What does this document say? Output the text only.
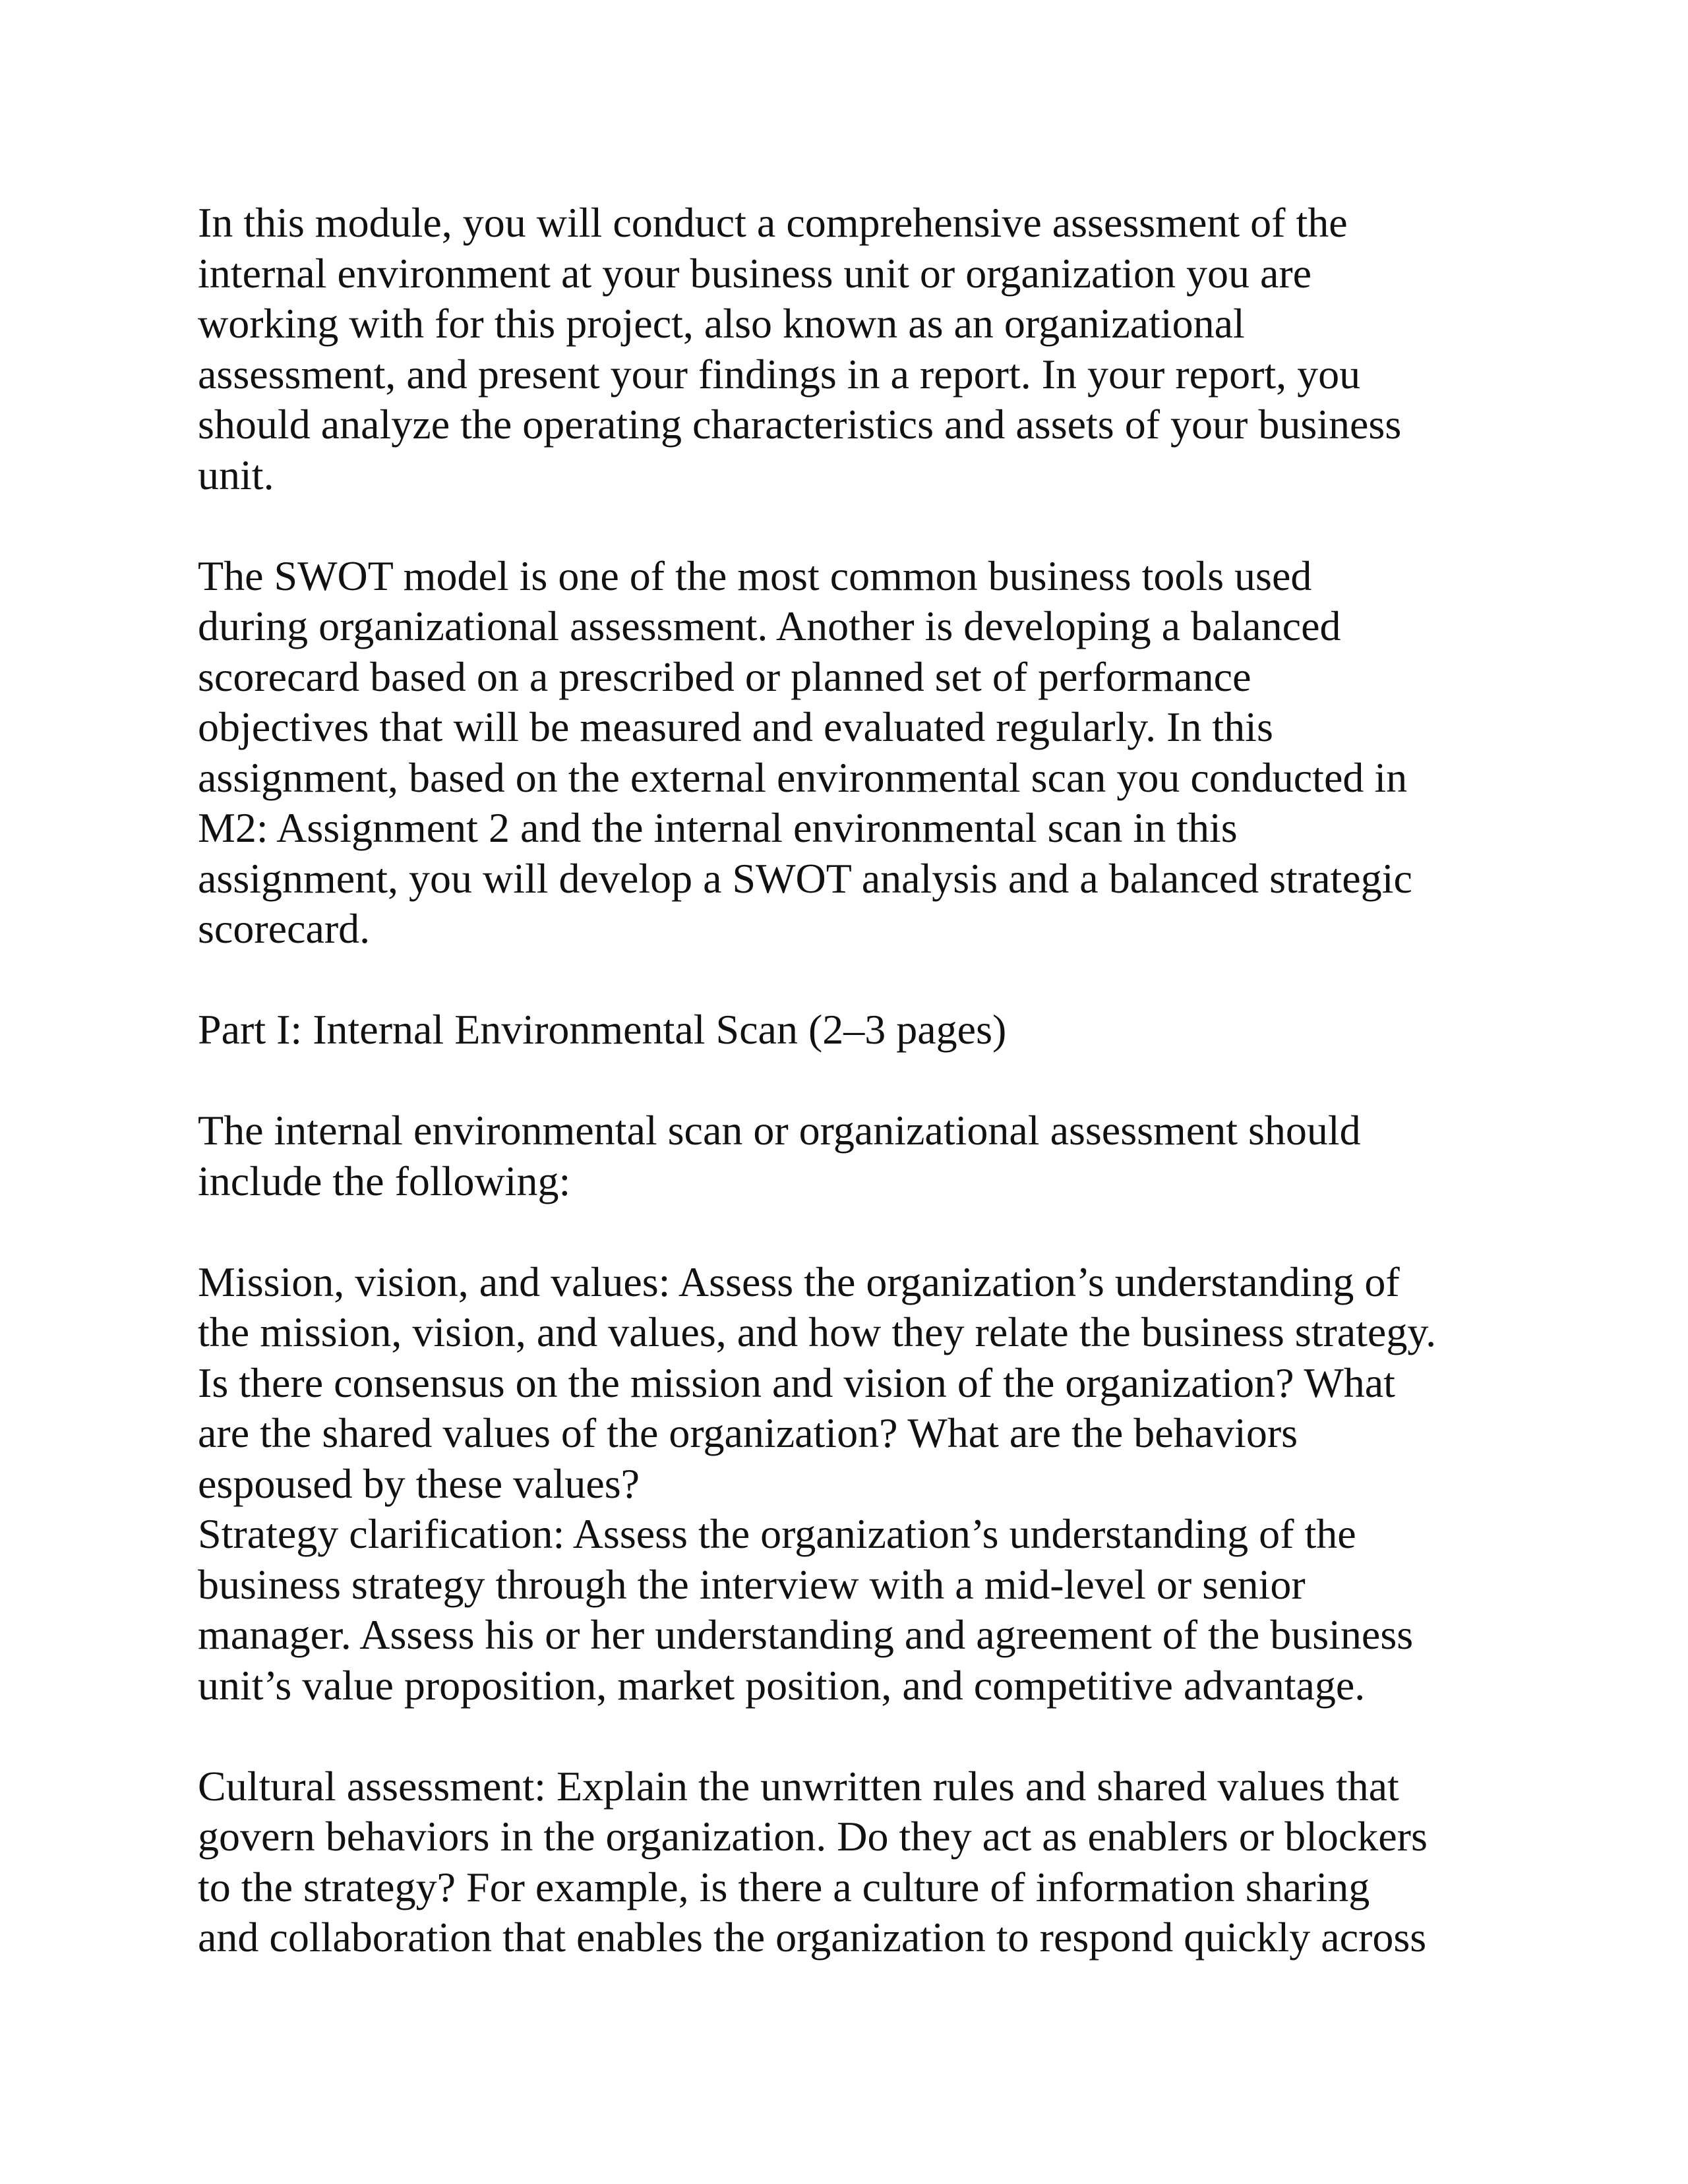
In this module, you will conduct a comprehensive assessment of the
internal environment at your business unit or organization you are
working with for this project, also known as an organizational
assessment, and present your findings in a report. In your report, you
should analyze the operating characteristics and assets of your business
unit.

The SWOT model is one of the most common business tools used
during organizational assessment. Another is developing a balanced
scorecard based on a prescribed or planned set of performance
objectives that will be measured and evaluated regularly. In this
assignment, based on the external environmental scan you conducted in
M2: Assignment 2 and the internal environmental scan in this
assignment, you will develop a SWOT analysis and a balanced strategic
scorecard.

Part I: Internal Environmental Scan (2–3 pages)

The internal environmental scan or organizational assessment should
include the following:

Mission, vision, and values: Assess the organization’s understanding of
the mission, vision, and values, and how they relate the business strategy.
Is there consensus on the mission and vision of the organization? What
are the shared values of the organization? What are the behaviors
espoused by these values?

Strategy clarification: Assess the organization’s understanding of the
business strategy through the interview with a mid-level or senior
manager. Assess his or her understanding and agreement of the business
unit’s value proposition, market position, and competitive advantage.

Cultural assessment: Explain the unwritten rules and shared values that
govern behaviors in the organization. Do they act as enablers or blockers
to the strategy? For example, is there a culture of information sharing
and collaboration that enables the organization to respond quickly across
